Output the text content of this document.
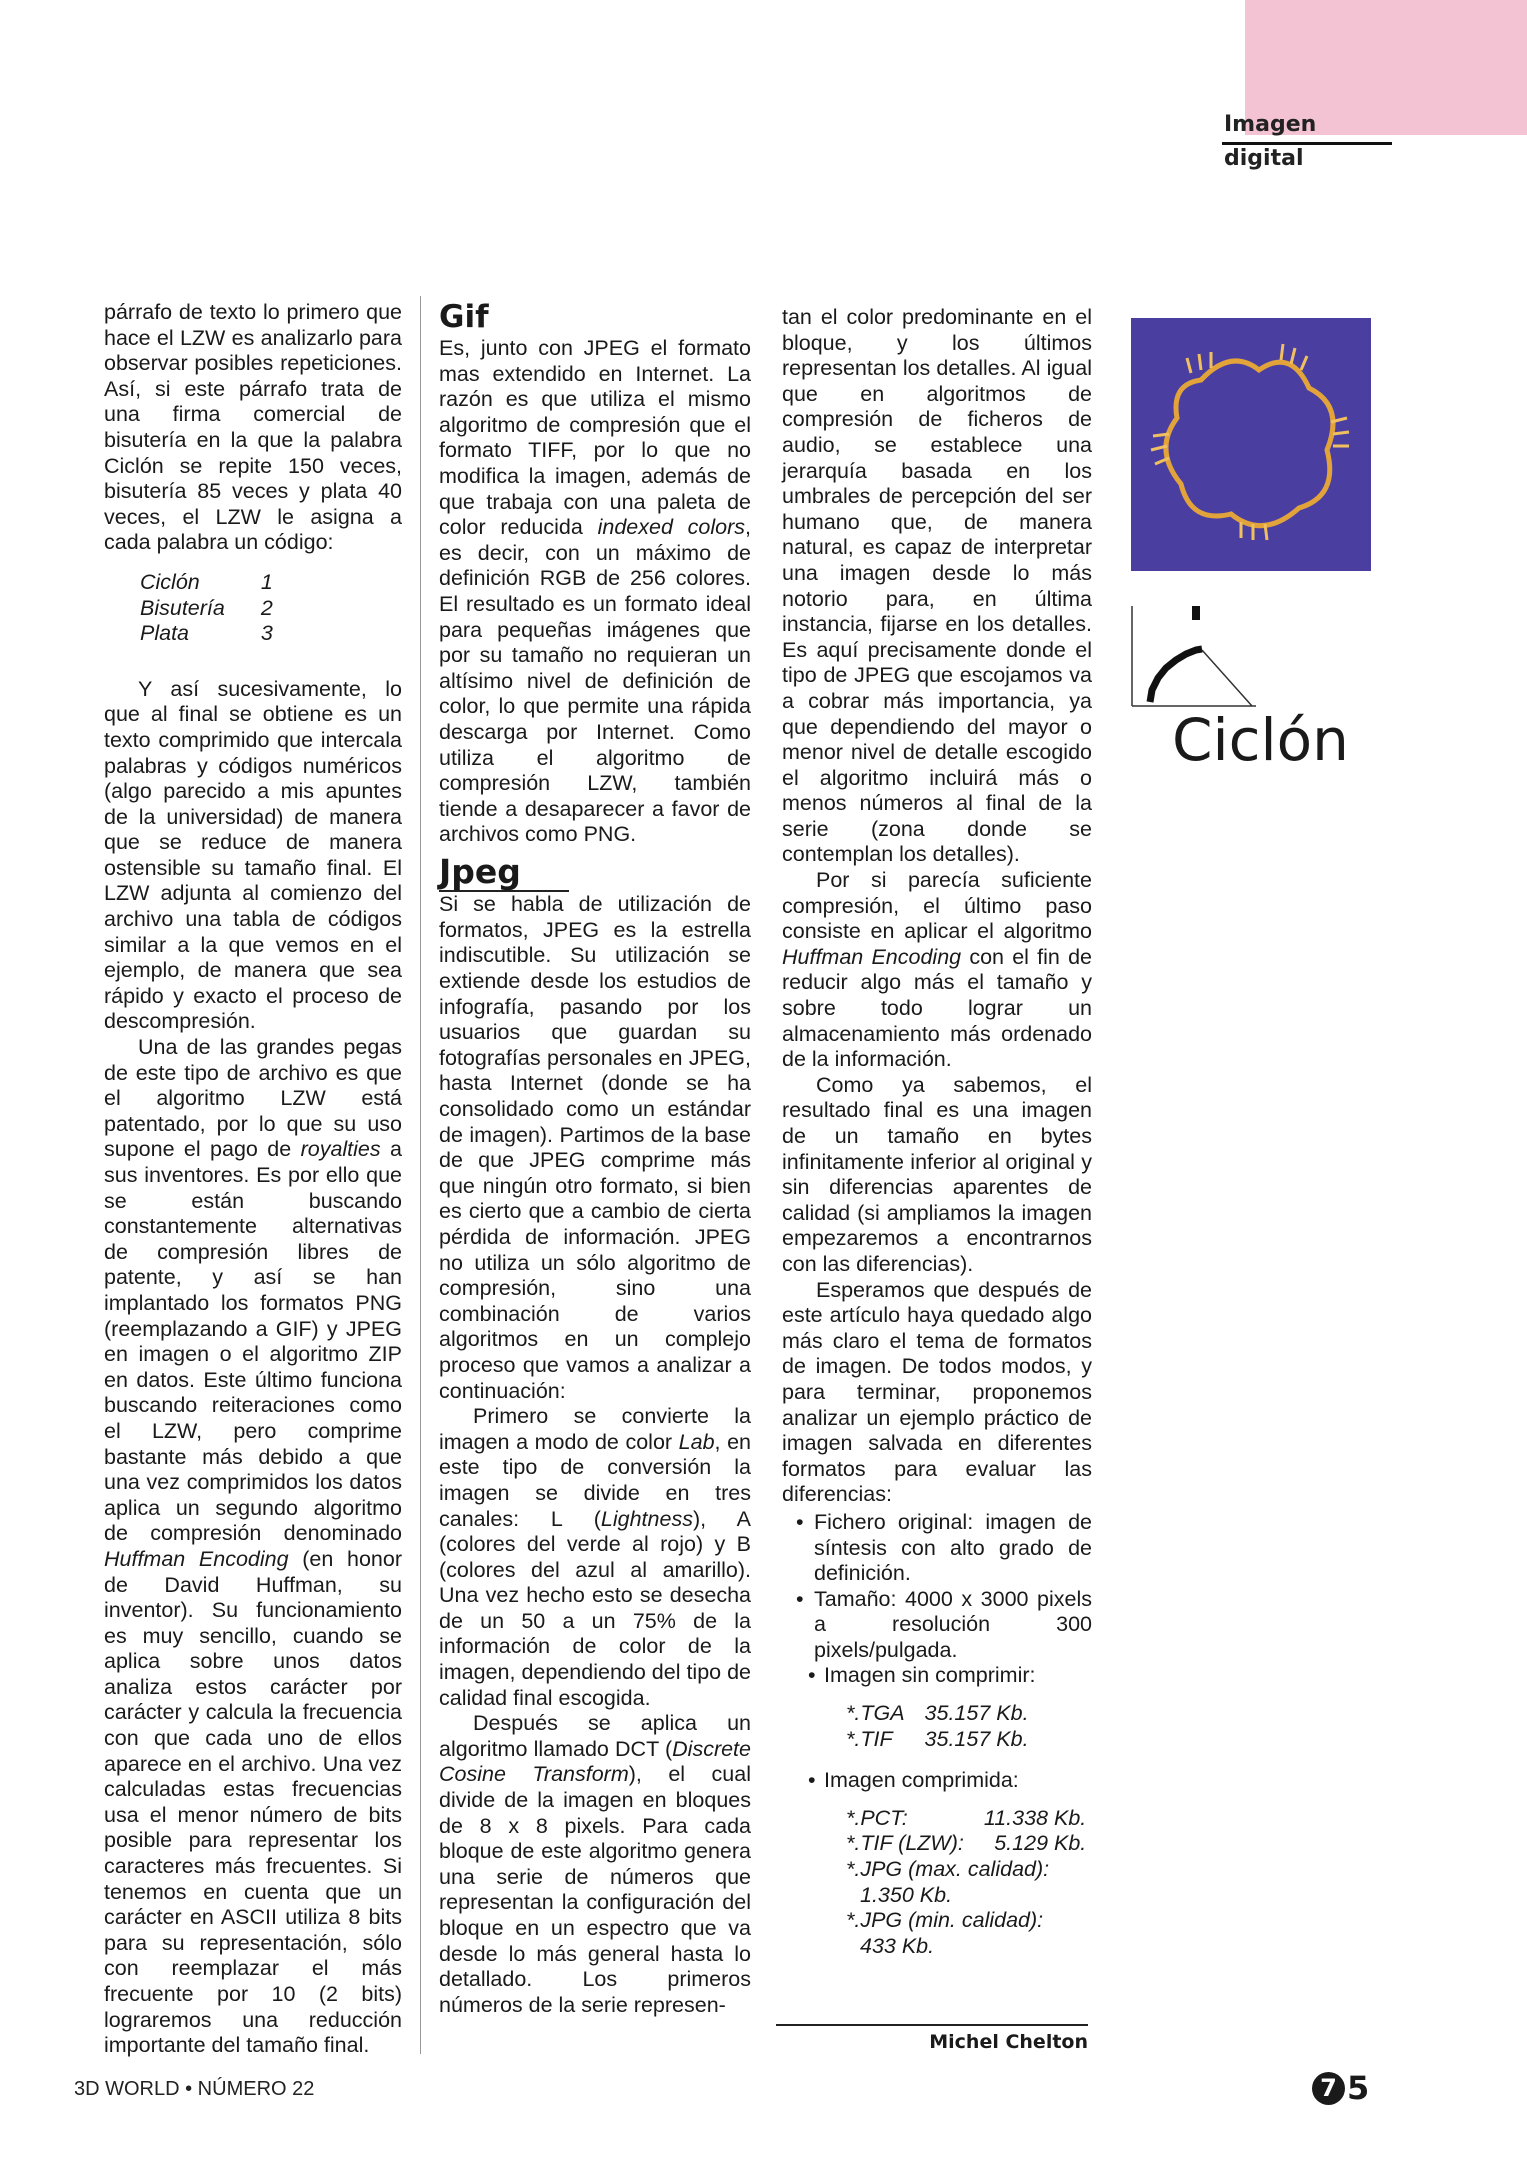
Imagen digital

párrafo de texto lo primero que hace el LZW es analizarlo para observar posibles repeticiones. Así, si este párrafo trata de una firma comercial de bisutería en la que la palabra Ciclón se repite 150 veces, bisutería 85 veces y plata 40 veces, el LZW le asigna a cada palabra un código:

Ciclón	1
Bisutería	2
Plata	3

Y así sucesivamente, lo que al final se obtiene es un texto comprimido que intercala palabras y códigos numéricos (algo parecido a mis apuntes de la universidad) de manera que se reduce de manera ostensible su tamaño final. El LZW adjunta al comienzo del archivo una tabla de códigos similar a la que vemos en el ejemplo, de manera que sea rápido y exacto el proceso de descompresión.

Una de las grandes pegas de este tipo de archivo es que el algoritmo LZW está patentado, por lo que su uso supone el pago de royalties a sus inventores. Es por ello que se están buscando constantemente alternativas de compresión libres de patente, y así se han implantado los formatos PNG (reemplazando a GIF) y JPEG en imagen o el algoritmo ZIP en datos. Este último funciona buscando reiteraciones como el LZW, pero comprime bastante más debido a que una vez comprimidos los datos aplica un segundo algoritmo de compresión denominado Huffman Encoding (en honor de David Huffman, su inventor). Su funcionamiento es muy sencillo, cuando se aplica sobre unos datos analiza estos carácter por carácter y calcula la frecuencia con que cada uno de ellos aparece en el archivo. Una vez calculadas estas frecuencias usa el menor número de bits posible para representar los caracteres más frecuentes. Si tenemos en cuenta que un carácter en ASCII utiliza 8 bits para su representación, sólo con reemplazar el más frecuente por 10 (2 bits) lograremos una reducción importante del tamaño final.

Gif

Es, junto con JPEG el formato mas extendido en Internet. La razón es que utiliza el mismo algoritmo de compresión que el formato TIFF, por lo que no modifica la imagen, además de que trabaja con una paleta de color reducida indexed colors, es decir, con un máximo de definición RGB de 256 colores. El resultado es un formato ideal para pequeñas imágenes que por su tamaño no requieran un altísimo nivel de definición de color, lo que permite una rápida descarga por Internet. Como utiliza el algoritmo de compresión LZW, también tiende a desaparecer a favor de archivos como PNG.

Jpeg

Si se habla de utilización de formatos, JPEG es la estrella indiscutible. Su utilización se extiende desde los estudios de infografía, pasando por los usuarios que guardan su fotografías personales en JPEG, hasta Internet (donde se ha consolidado como un estándar de imagen). Partimos de la base de que JPEG comprime más que ningún otro formato, si bien es cierto que a cambio de cierta pérdida de información. JPEG no utiliza un sólo algoritmo de compresión, sino una combinación de varios algoritmos en un complejo proceso que vamos a analizar a continuación:

Primero se convierte la imagen a modo de color Lab, en este tipo de conversión la imagen se divide en tres canales: L (Lightness), A (colores del verde al rojo) y B (colores del azul al amarillo). Una vez hecho esto se desecha de un 50 a un 75% de la información de color de la imagen, dependiendo del tipo de calidad final escogida.

Después se aplica un algoritmo llamado DCT (Discrete Cosine Transform), el cual divide de la imagen en bloques de 8 x 8 pixels. Para cada bloque de este algoritmo genera una serie de números que representan la configuración del bloque en un espectro que va desde lo más general hasta lo detallado. Los primeros números de la serie represen-

tan el color predominante en el bloque, y los últimos representan los detalles. Al igual que en algoritmos de compresión de ficheros de audio, se establece una jerarquía basada en los umbrales de percepción del ser humano que, de manera natural, es capaz de interpretar una imagen desde lo más notorio para, en última instancia, fijarse en los detalles. Es aquí precisamente donde el tipo de JPEG que escojamos va a cobrar más importancia, ya que dependiendo del mayor o menor nivel de detalle escogido el algoritmo incluirá más o menos números al final de la serie (zona donde se contemplan los detalles).

Por si parecía suficiente compresión, el último paso consiste en aplicar el algoritmo Huffman Encoding con el fin de reducir algo más el tamaño y sobre todo lograr un almacenamiento más ordenado de la información.

Como ya sabemos, el resultado final es una imagen de un tamaño en bytes infinitamente inferior al original y sin diferencias aparentes de calidad (si ampliamos la imagen empezaremos a encontrarnos con las diferencias).

Esperamos que después de este artículo haya quedado algo más claro el tema de formatos de imagen. De todos modos, y para terminar, proponemos analizar un ejemplo práctico de imagen salvada en diferentes formatos para evaluar las diferencias:

• Fichero original: imagen de síntesis con alto grado de definición.
• Tamaño: 4000 x 3000 pixels a resolución 300 pixels/pulgada.
• Imagen sin comprimir:
*.TGA	35.157 Kb.
*.TIF	35.157 Kb.
• Imagen comprimida:
*.PCT:	11.338 Kb.
*.TIF (LZW):	5.129 Kb.
*.JPG (max. calidad):	
1.350 Kb.	
*.JPG (min. calidad):	
433 Kb.	
Michel Chelton
Ciclón
3D WORLD • NÚMERO 22	7 5
